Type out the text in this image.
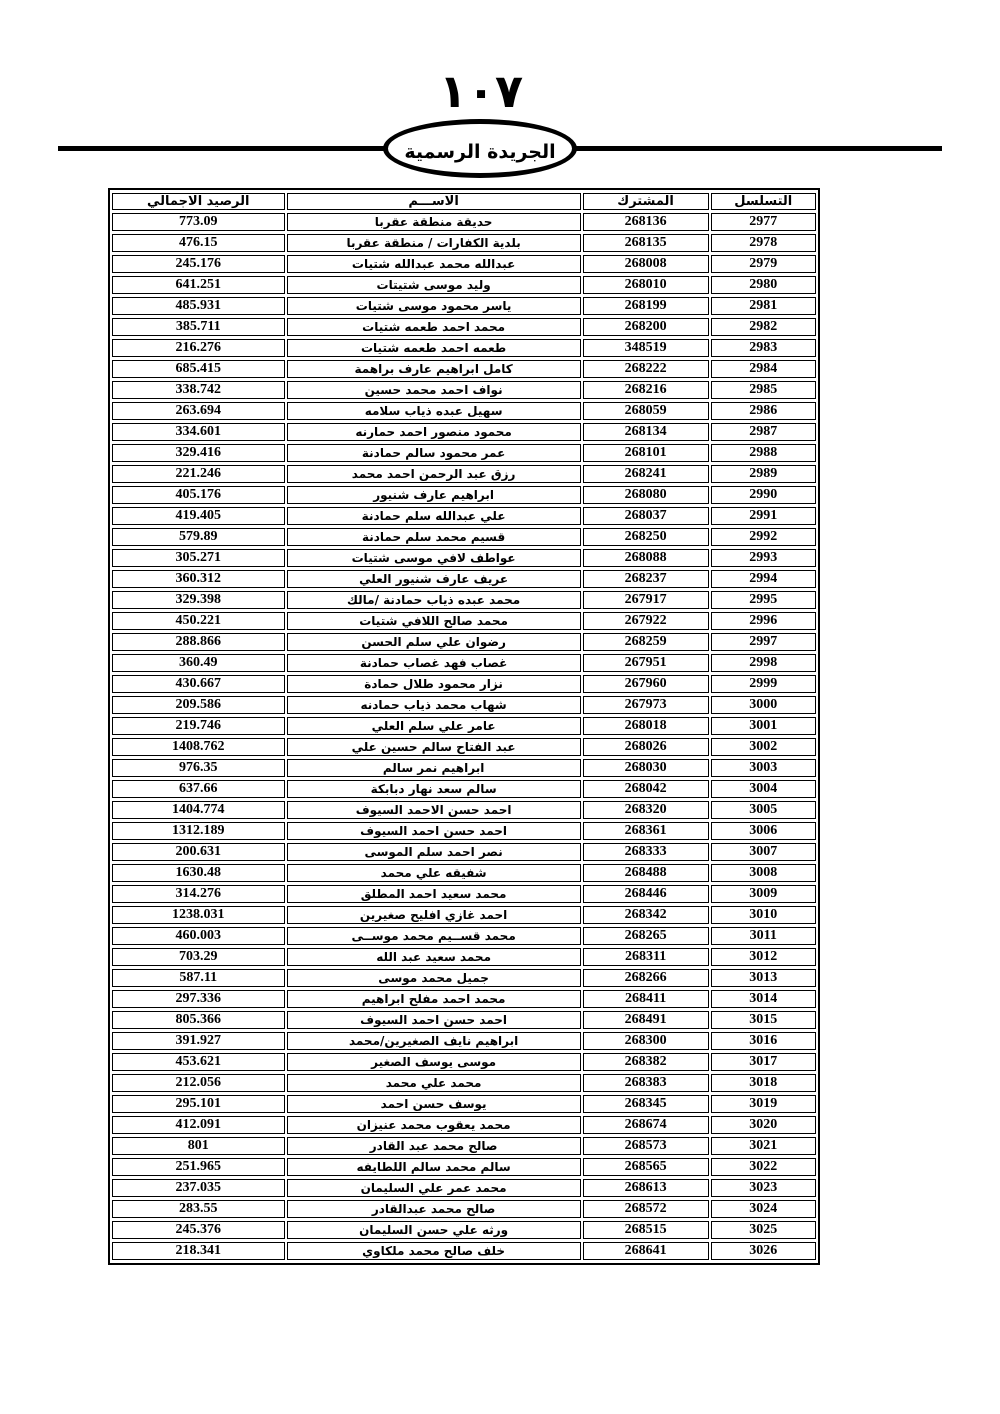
١٠٧
الجريدة الرسمية
التسلسل	المشترك	الاســـم	الرصيد الاجمالي
2977	268136	حديقة منطقة عقربا	773.09
2978	268135	بلدية الكفارات / منطقة عقربا	476.15
2979	268008	عبدالله محمد عبدالله شتيات	245.176
2980	268010	وليد موسى شتيتات	641.251
2981	268199	ياسر محمود موسى شتيات	485.931
2982	268200	محمد احمد طعمه شتيات	385.711
2983	348519	طعمه احمد طعمه شتيات	216.276
2984	268222	كامل ابراهيم عارف براهمة	685.415
2985	268216	نواف احمد محمد حسين	338.742
2986	268059	سهيل عبده ذياب سلامه	263.694
2987	268134	محمود منصور احمد حمارنه	334.601
2988	268101	عمر محمود سالم حمادنة	329.416
2989	268241	رزق عبد الرحمن احمد محمد	221.246
2990	268080	ابراهيم عارف شنيور	405.176
2991	268037	علي عبدالله سلم حمادنة	419.405
2992	268250	قسيم محمد سلم حمادنة	579.89
2993	268088	عواطف لافي موسى شتيات	305.271
2994	268237	عريف عارف شنيور العلي	360.312
2995	267917	محمد عبده ذياب حمادنة /مالك	329.398
2996	267922	محمد صالح اللافي شتيات	450.221
2997	268259	رضوان علي سلم الحسن	288.866
2998	267951	غصاب فهد غصاب حمادنة	360.49
2999	267960	نزار محمود طلال حمادة	430.667
3000	267973	شهاب محمد ذياب حمادنه	209.586
3001	268018	عامر علي سلم العلي	219.746
3002	268026	عبد الفتاح سالم حسين علي	1408.762
3003	268030	ابراهيم نمر سالم	976.35
3004	268042	سالم سعد نهار دبابكة	637.66
3005	268320	احمد حسن الاحمد السيوف	1404.774
3006	268361	احمد حسن احمد السيوف	1312.189
3007	268333	نصر احمد سلم الموسى	200.631
3008	268488	شفيقه علي محمد	1630.48
3009	268446	محمد سعيد احمد المطلق	314.276
3010	268342	احمد غازي افليح صغيرين	1238.031
3011	268265	محمد قســيم محمد موســى	460.003
3012	268311	محمد سعيد عبد الله	703.29
3013	268266	جميل محمد موسى	587.11
3014	268411	محمد احمد مفلح ابراهيم	297.336
3015	268491	احمد حسن احمد السيوف	805.366
3016	268300	ابراهيم نايف الصغيرين/محمد	391.927
3017	268382	موسى يوسف الصغير	453.621
3018	268383	محمد علي محمد	212.056
3019	268345	يوسف حسن احمد	295.101
3020	268674	محمد يعقوب محمد عنيزان	412.091
3021	268573	صالح محمد عبد القادر	801
3022	268565	سالم محمد سالم اللطايفه	251.965
3023	268613	محمد عمر علي السليمان	237.035
3024	268572	صالح محمد عبدالقادر	283.55
3025	268515	ورثه علي حسن السليمان	245.376
3026	268641	خلف صالح محمد ملكاوي	218.341
